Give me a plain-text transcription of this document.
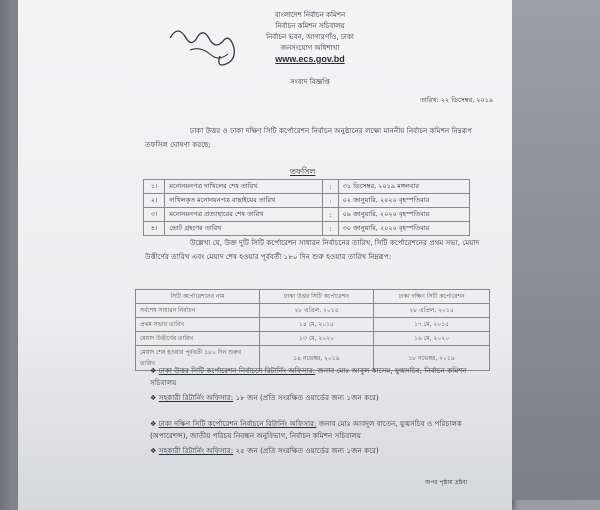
বাংলাদেশ নির্বাচন কমিশন
নির্বাচন কমিশন সচিবালয়
নির্বাচন ভবন, আগারগাঁও, ঢাকা
জনসংযোগ অধিশাখা
www.ecs.gov.bd
সংবাদ বিজ্ঞপ্তি
তারিখ: ২২ ডিসেম্বর, ২০১৯

ঢাকা উত্তর ও ঢাকা দক্ষিণ সিটি কর্পোরেশন নির্বাচন অনুষ্ঠানের লক্ষ্যে মাননীয় নির্বাচন কমিশন নিম্নরূপ তফসিল ঘোষণা করছে:

তফসিল
১।	মনোনয়নপত্র দাখিলের শেষ তারিখ	:	৩১ ডিসেম্বর, ২০১৯ মঙ্গলবার
২।	দাখিলকৃত মনোনয়নপত্র বাছাইয়ের তারিখ	:	০২ জানুয়ারি, ২০২০ বৃহস্পতিবার
৩।	মনোনয়নপত্র প্রত্যাহারের শেষ তারিখ	:	০৯ জানুয়ারি, ২০২০ বৃহস্পতিবার
৪।	ভোট গ্রহণের তারিখ	:	৩০ জানুয়ারি, ২০২০ বৃহস্পতিবার

উল্লেখ্য যে, উক্ত দুটি সিটি কর্পোরেশন সাধারন নির্বাচনের তারিখ, সিটি কর্পোরেশনের প্রথম সভা, মেয়াদ উত্তীর্ণের তারিখ এবং মেয়াদ শেষ হওয়ার পূর্ববর্তী ১৮০ দিন শুরু হওয়ার তারিখ নিম্নরূপ:

সিটি কর্পোরেশনের নাম	ঢাকা উত্তর সিটি কর্পোরেশন	ঢাকা দক্ষিণ সিটি কর্পোরেশন
সর্বশেষ সাধারন নির্বাচন	২৮ এপ্রিল, ২০১৫	২৮ এপ্রিল, ২০১৫
প্রথম সভার তারিখ	১৪ মে, ২০১৫	১৭ মে, ২০১৫
মেয়াদ উত্তীর্ণের তারিখ	১৩ মে, ২০২০	১৬ মে, ২০২০
মেয়াদ শেষ হওয়ার পূর্ববর্তী ১৮০ দিন শুরুর তারিখ	১৪ নভেম্বর, ২০১৯	১৮ নভেম্বর, ২০১৯
❖ ঢাকা উত্তর সিটি কর্পোরেশন নির্বাচনে রিটার্নিং অফিসার: জনাব মোঃ আবুল কাসেম, যুগ্মসচিব, নির্বাচন কমিশন সচিবালয়
❖ সহকারী রিটার্নিং অফিসার: ১৮ জন (প্রতি সংরক্ষিত ওয়ার্ডের জন্য ১জন করে)
❖ ঢাকা দক্ষিণ সিটি কর্পোরেশন নির্বাচনে রিটার্নিং অফিসার: জনাব মোঃ আবদুল বাতেন, যুগ্মসচিব ও পরিচালক (অপারেশন্স), জাতীয় পরিচয় নিবন্ধন অনুবিভাগ, নির্বাচন কমিশন সচিবালয়
❖ সহকারী রিটার্নিং অফিসার: ২৫ জন (প্রতি সংরক্ষিত ওয়ার্ডের জন্য ১জন করে)
অপর পৃষ্ঠায় দ্রষ্টব্য
